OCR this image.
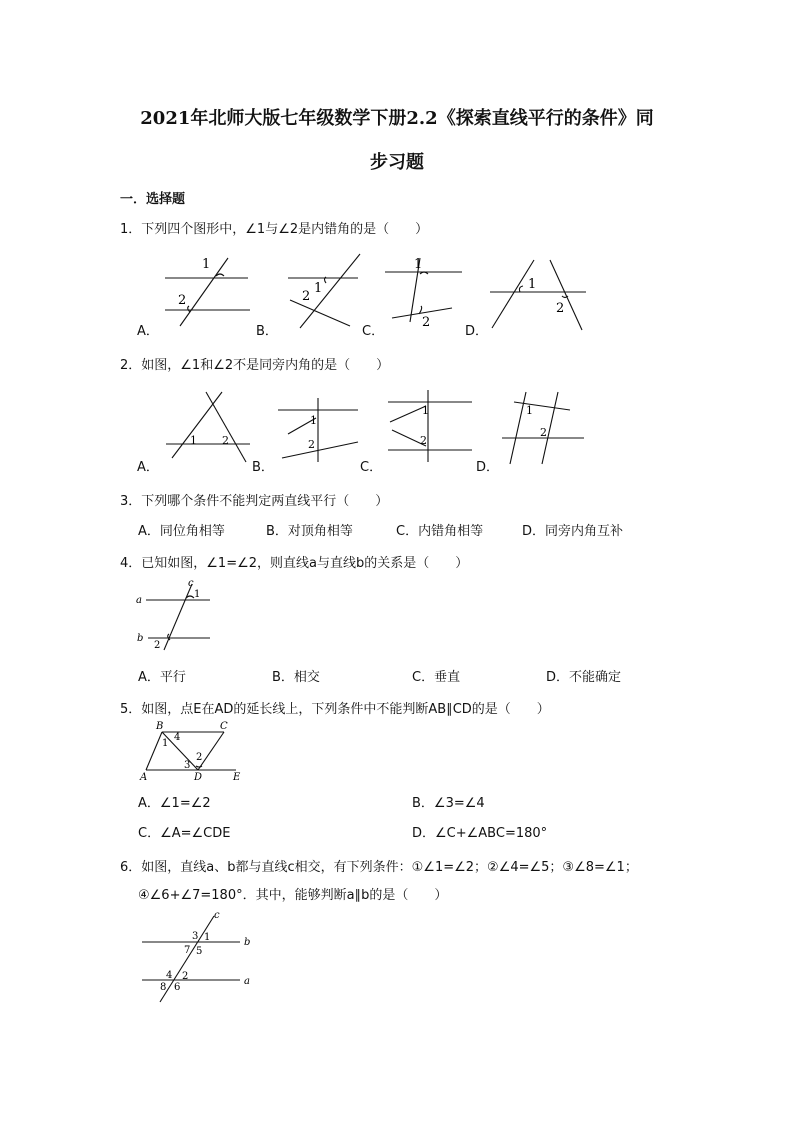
2021年北师大版七年级数学下册2.2《探索直线平行的条件》同
步习题
一．选择题
1．下列四个图形中，∠1与∠2是内错角的是（　　）
1
2
1
2
1
2
1
2
A．	B．	C．	D．
2．如图，∠1和∠2不是同旁内角的是（　　）
1 2
1
2
1
2
1
2
A．	B．	C．	D．
3．下列哪个条件不能判定两直线平行（　　）
A．同位角相等	B．对顶角相等	C．内错角相等	D．同旁内角互补
4．已知如图，∠1=∠2，则直线a与直线b的关系是（　　）
c
a
b
1
2
A．平行	B．相交	C．垂直	D．不能确定
5．如图，点E在AD的延长线上，下列条件中不能判断AB∥CD的是（　　）
B	C
A	D	E
1
2
3
4
A．∠1=∠2	B．∠3=∠4
C．∠A=∠CDE	D．∠C+∠ABC=180°
6．如图，直线a、b都与直线c相交，有下列条件：①∠1=∠2；②∠4=∠5；③∠8=∠1；
④∠6+∠7=180°．其中，能够判断a∥b的是（　　）
c
b
a
3 1
7 5
4 2
8 6
